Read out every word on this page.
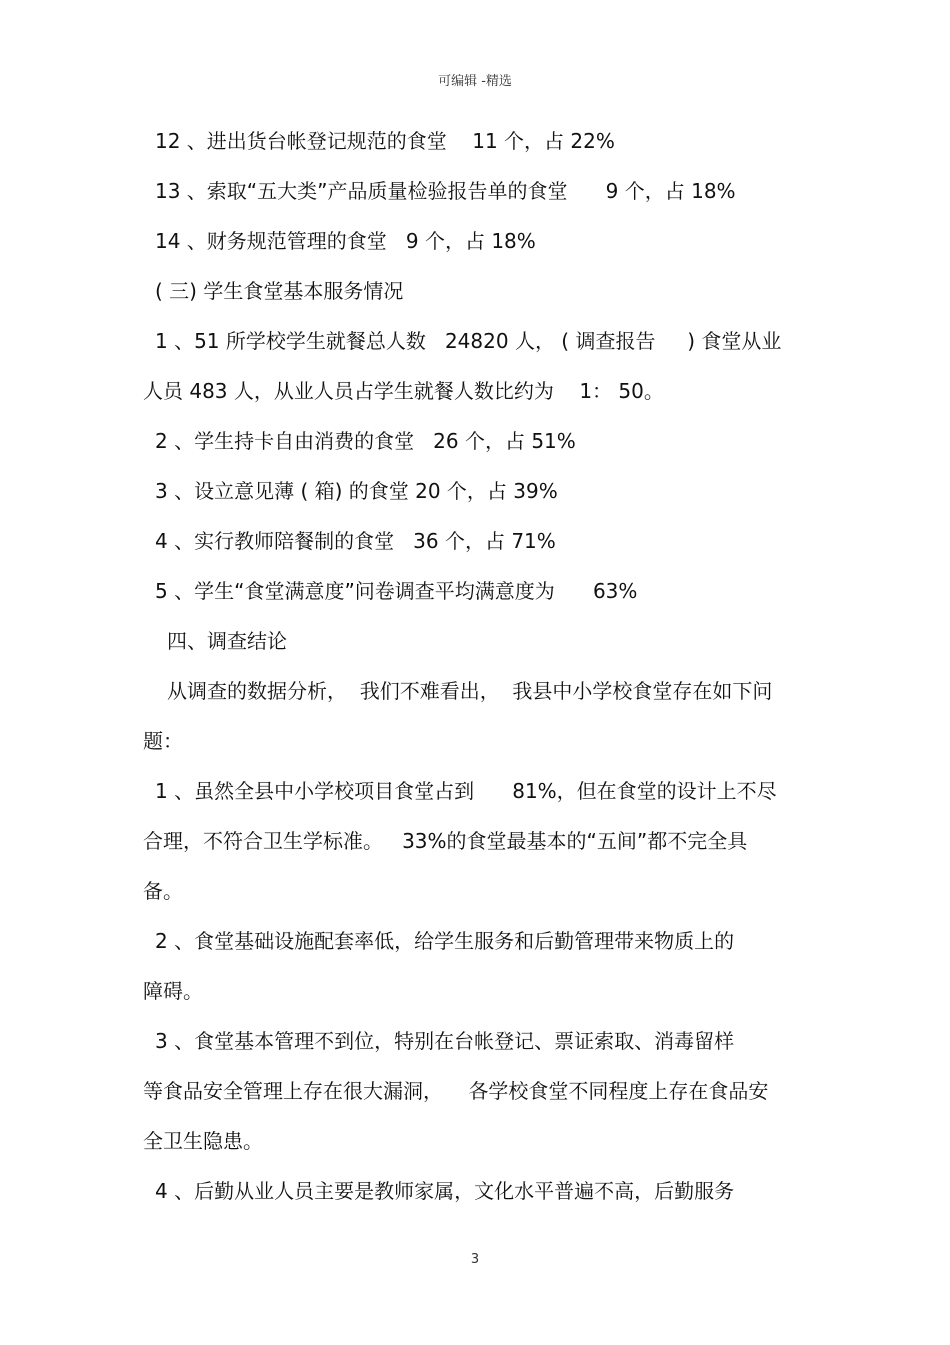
可编辑 -精选
12 、进出货台帐登记规范的食堂    11 个，占 22%
13 、索取“五大类”产品质量检验报告单的食堂      9 个，占 18%
14 、财务规范管理的食堂   9 个，占 18%
( 三) 学生食堂基本服务情况
1 、51 所学校学生就餐总人数   24820 人， ( 调查报告     ) 食堂从业
人员 483 人，从业人员占学生就餐人数比约为    1： 50。
2 、学生持卡自由消费的食堂   26 个，占 51%
3 、设立意见薄 ( 箱) 的食堂 20 个，占 39%
4 、实行教师陪餐制的食堂   36 个，占 71%
5 、学生“食堂满意度”问卷调查平均满意度为      63%
四、调查结论
从调查的数据分析，  我们不难看出，  我县中小学校食堂存在如下问
题：
1 、虽然全县中小学校项目食堂占到      81%，但在食堂的设计上不尽
合理，不符合卫生学标准。   33%的食堂最基本的“五间”都不完全具
备。
2 、食堂基础设施配套率低，给学生服务和后勤管理带来物质上的
障碍。
3 、食堂基本管理不到位，特别在台帐登记、票证索取、消毒留样
等食品安全管理上存在很大漏洞，    各学校食堂不同程度上存在食品安
全卫生隐患。
4 、后勤从业人员主要是教师家属，文化水平普遍不高，后勤服务
3
